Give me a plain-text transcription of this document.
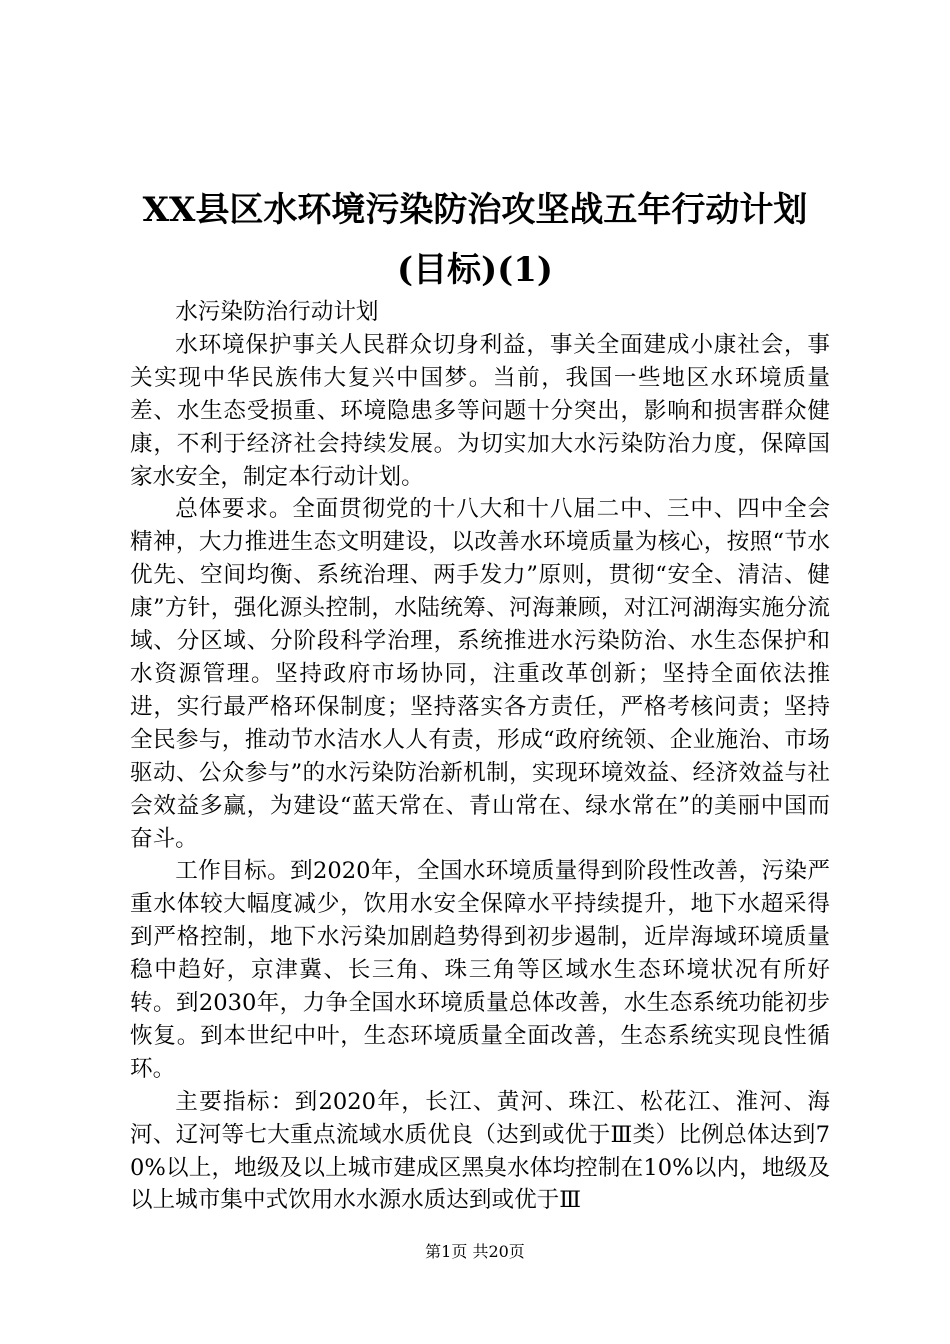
XX县区水环境污染防治攻坚战五年行动计划
(目标)(1)

水污染防治行动计划

水环境保护事关人民群众切身利益，事关全面建成小康社会，事关实现中华民族伟大复兴中国梦。当前，我国一些地区水环境质量差、水生态受损重、环境隐患多等问题十分突出，影响和损害群众健康，不利于经济社会持续发展。为切实加大水污染防治力度，保障国家水安全，制定本行动计划。

总体要求。全面贯彻党的十八大和十八届二中、三中、四中全会精神，大力推进生态文明建设，以改善水环境质量为核心，按照“节水优先、空间均衡、系统治理、两手发力”原则，贯彻“安全、清洁、健康”方针，强化源头控制，水陆统筹、河海兼顾，对江河湖海实施分流域、分区域、分阶段科学治理，系统推进水污染防治、水生态保护和水资源管理。坚持政府市场协同，注重改革创新；坚持全面依法推进，实行最严格环保制度；坚持落实各方责任，严格考核问责；坚持全民参与，推动节水洁水人人有责，形成“政府统领、企业施治、市场驱动、公众参与”的水污染防治新机制，实现环境效益、经济效益与社会效益多赢，为建设“蓝天常在、青山常在、绿水常在”的美丽中国而奋斗。

工作目标。到2020年，全国水环境质量得到阶段性改善，污染严重水体较大幅度减少，饮用水安全保障水平持续提升，地下水超采得到严格控制，地下水污染加剧趋势得到初步遏制，近岸海域环境质量稳中趋好，京津冀、长三角、珠三角等区域水生态环境状况有所好转。到2030年，力争全国水环境质量总体改善，水生态系统功能初步恢复。到本世纪中叶，生态环境质量全面改善，生态系统实现良性循环。

主要指标：到2020年，长江、黄河、珠江、松花江、淮河、海河、辽河等七大重点流域水质优良（达到或优于Ⅲ类）比例总体达到70%以上，地级及以上城市建成区黑臭水体均控制在10%以内，地级及以上城市集中式饮用水水源水质达到或优于Ⅲ

第1页 共20页
